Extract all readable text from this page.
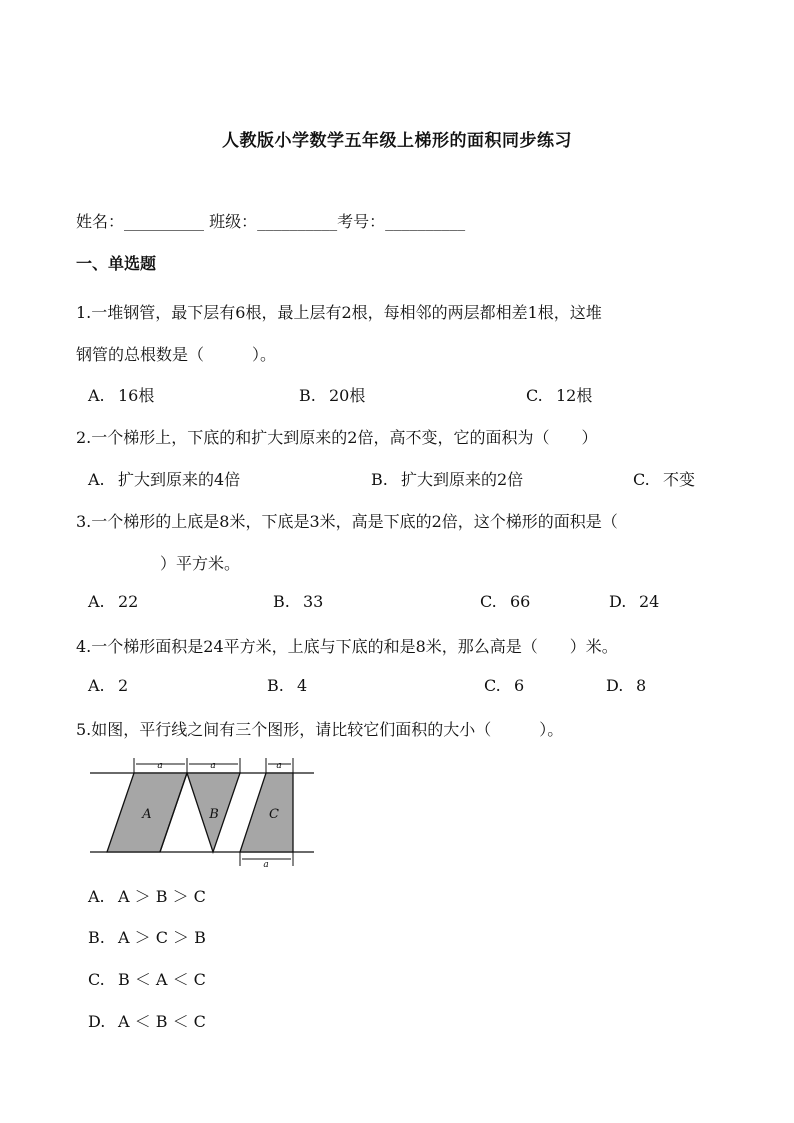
人教版小学数学五年级上梯形的面积同步练习
姓名：__________ 班级：__________考号：__________
一、单选题
1.一堆钢管，最下层有6根，最上层有2根，每相邻的两层都相差1根，这堆
钢管的总根数是（　　　）。
A. 16根	B. 20根	C. 12根
2.一个梯形上，下底的和扩大到原来的2倍，高不变，它的面积为（　　）
A. 扩大到原来的4倍	B. 扩大到原来的2倍	C. 不变
3.一个梯形的上底是8米，下底是3米，高是下底的2倍，这个梯形的面积是（
）平方米。
A. 22	B. 33	C. 66	D. 24
4.一个梯形面积是24平方米，上底与下底的和是8米，那么高是（　　）米。
A. 2	B. 4	C. 6	D. 8
5.如图，平行线之间有三个图形，请比较它们面积的大小（　　　）。
a	a	a
a
A	B	C
A. A ＞ B ＞ C
B. A ＞ C ＞ B
C. B ＜ A ＜ C
D. A ＜ B ＜ C
